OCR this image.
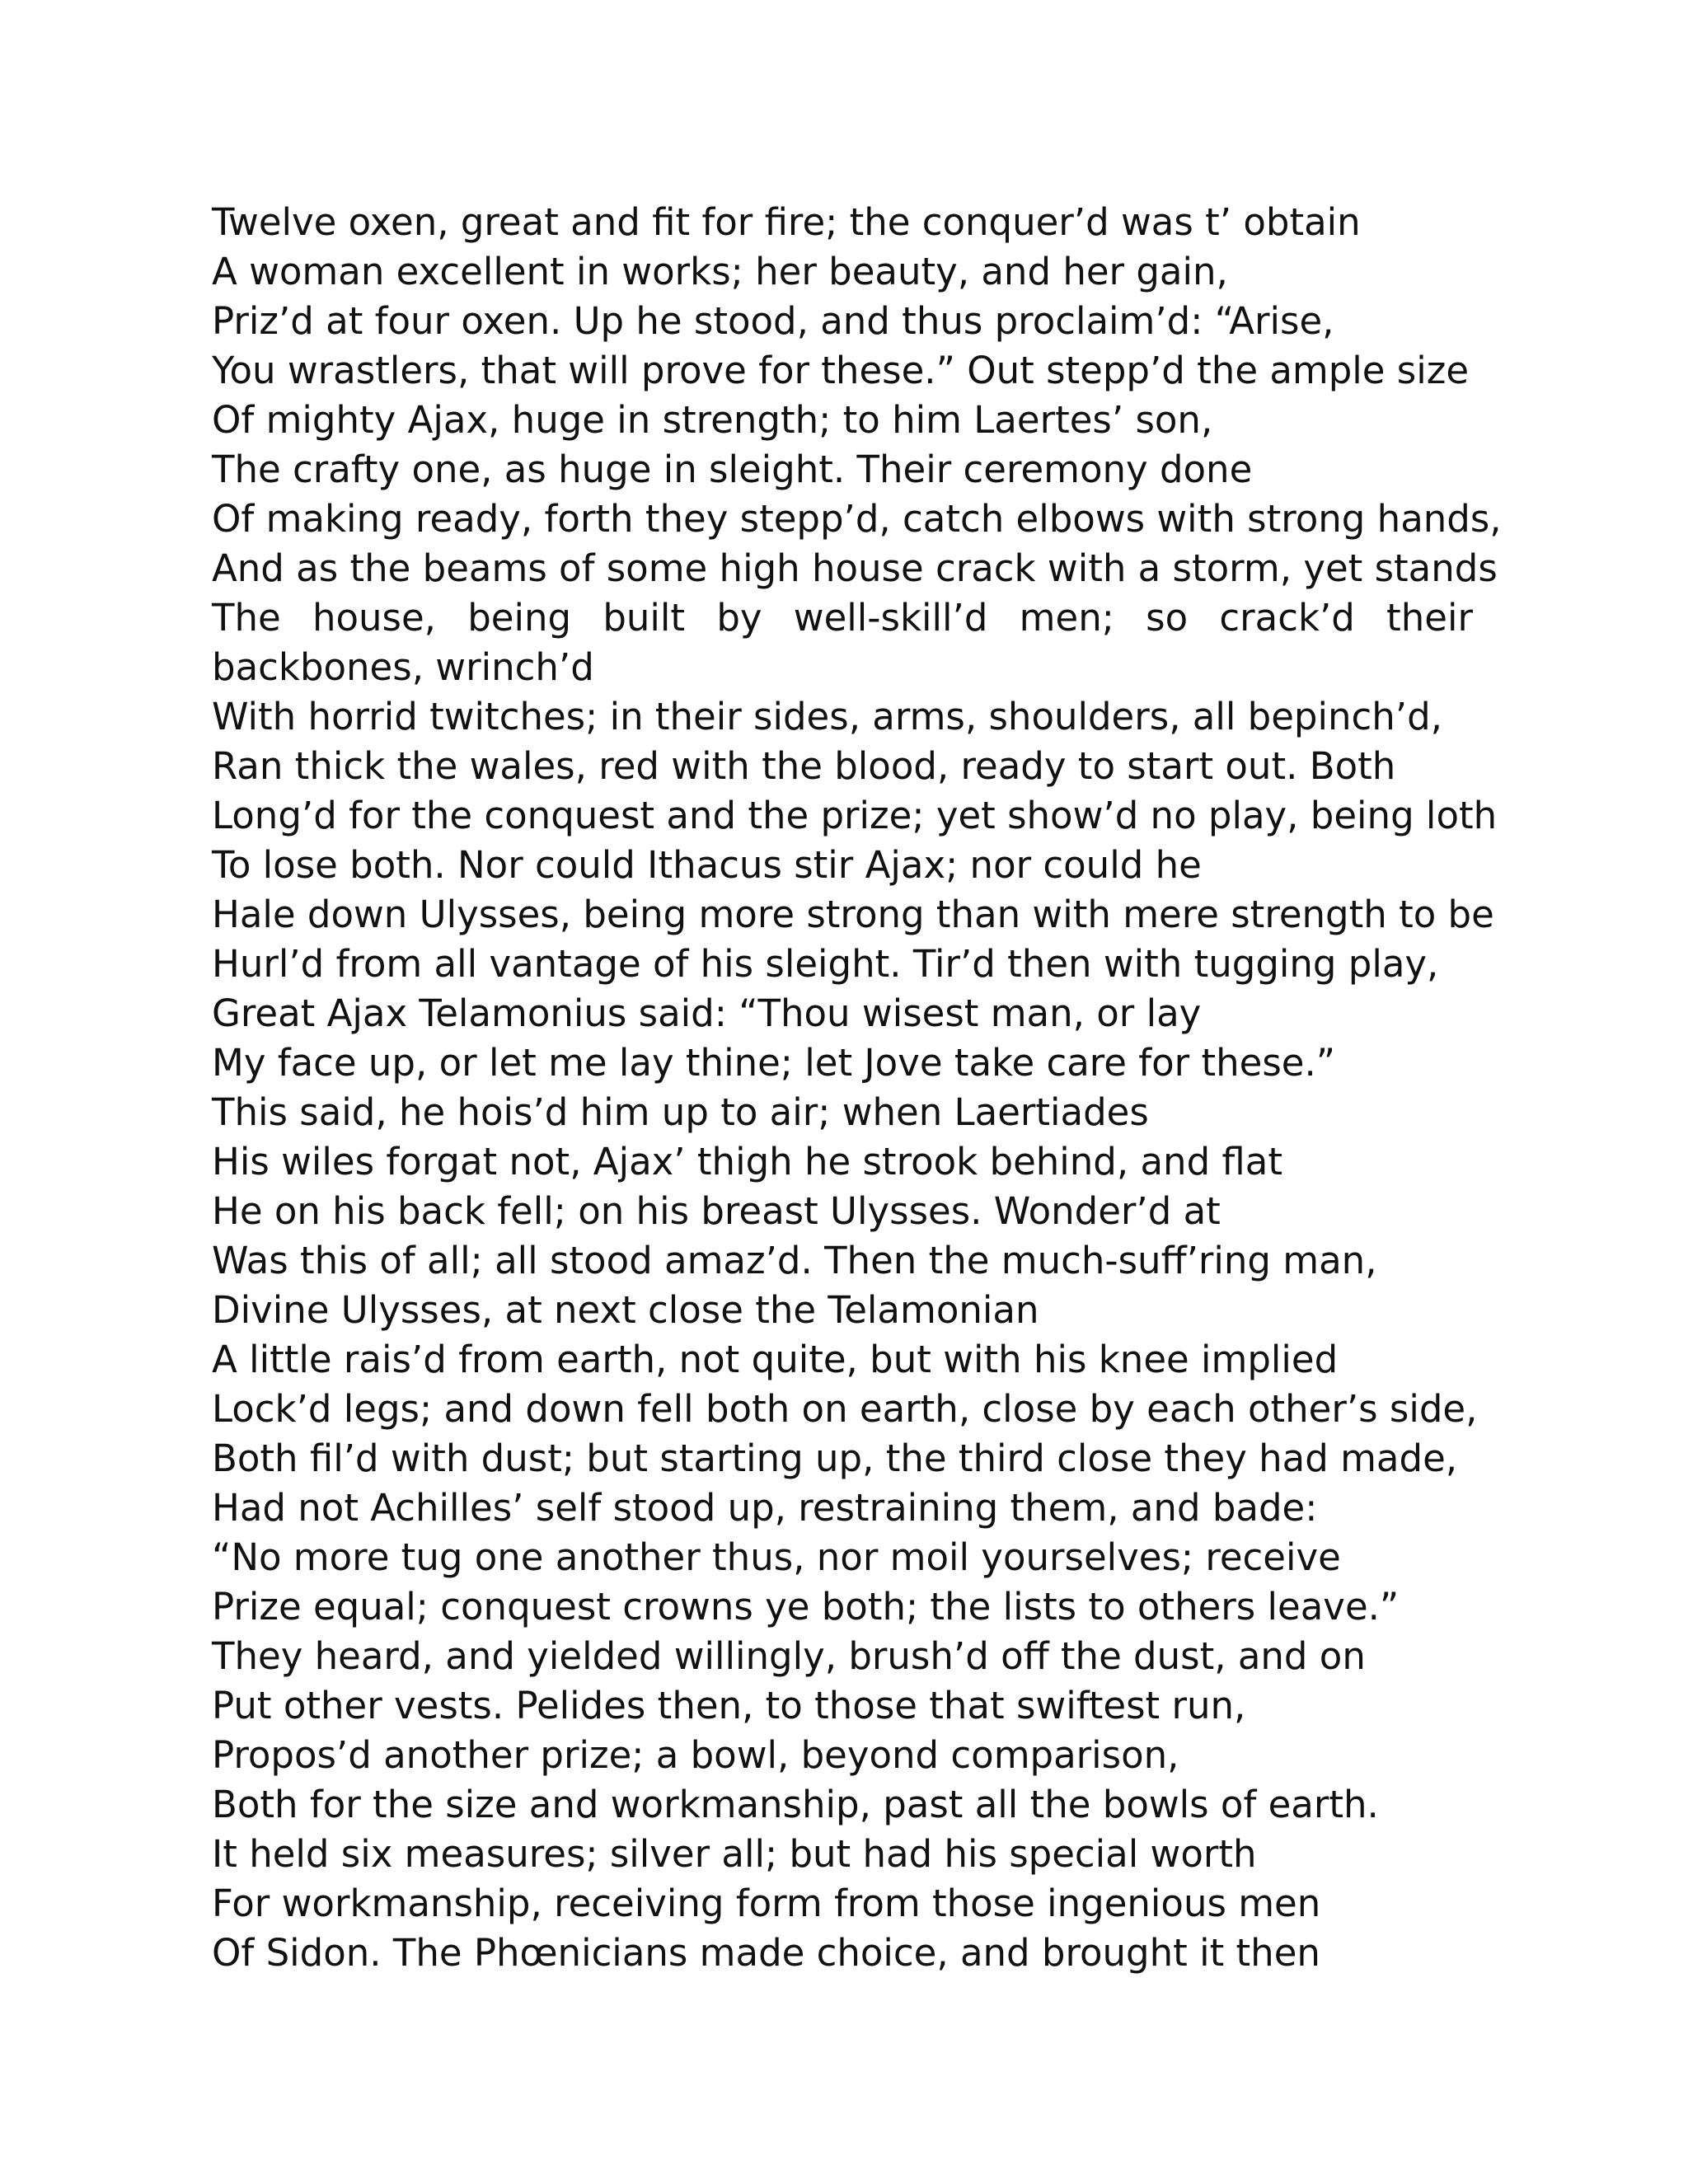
Twelve oxen, great and fit for fire; the conquer’d was t’ obtain
A woman excellent in works; her beauty, and her gain,
Priz’d at four oxen. Up he stood, and thus proclaim’d: “Arise,
You wrastlers, that will prove for these.” Out stepp’d the ample size
Of mighty Ajax, huge in strength; to him Laertes’ son,
The crafty one, as huge in sleight. Their ceremony done
Of making ready, forth they stepp’d, catch elbows with strong hands,
And as the beams of some high house crack with a storm, yet stands
The house, being built by well-skill’d men; so crack’d their
backbones, wrinch’d
With horrid twitches; in their sides, arms, shoulders, all bepinch’d,
Ran thick the wales, red with the blood, ready to start out. Both
Long’d for the conquest and the prize; yet show’d no play, being loth
To lose both. Nor could Ithacus stir Ajax; nor could he
Hale down Ulysses, being more strong than with mere strength to be
Hurl’d from all vantage of his sleight. Tir’d then with tugging play,
Great Ajax Telamonius said: “Thou wisest man, or lay
My face up, or let me lay thine; let Jove take care for these.”
This said, he hois’d him up to air; when Laertiades
His wiles forgat not, Ajax’ thigh he strook behind, and flat
He on his back fell; on his breast Ulysses. Wonder’d at
Was this of all; all stood amaz’d. Then the much-suff’ring man,
Divine Ulysses, at next close the Telamonian
A little rais’d from earth, not quite, but with his knee implied
Lock’d legs; and down fell both on earth, close by each other’s side,
Both fil’d with dust; but starting up, the third close they had made,
Had not Achilles’ self stood up, restraining them, and bade:
“No more tug one another thus, nor moil yourselves; receive
Prize equal; conquest crowns ye both; the lists to others leave.”
They heard, and yielded willingly, brush’d off the dust, and on
Put other vests. Pelides then, to those that swiftest run,
Propos’d another prize; a bowl, beyond comparison,
Both for the size and workmanship, past all the bowls of earth.
It held six measures; silver all; but had his special worth
For workmanship, receiving form from those ingenious men
Of Sidon. The Phœnicians made choice, and brought it then
